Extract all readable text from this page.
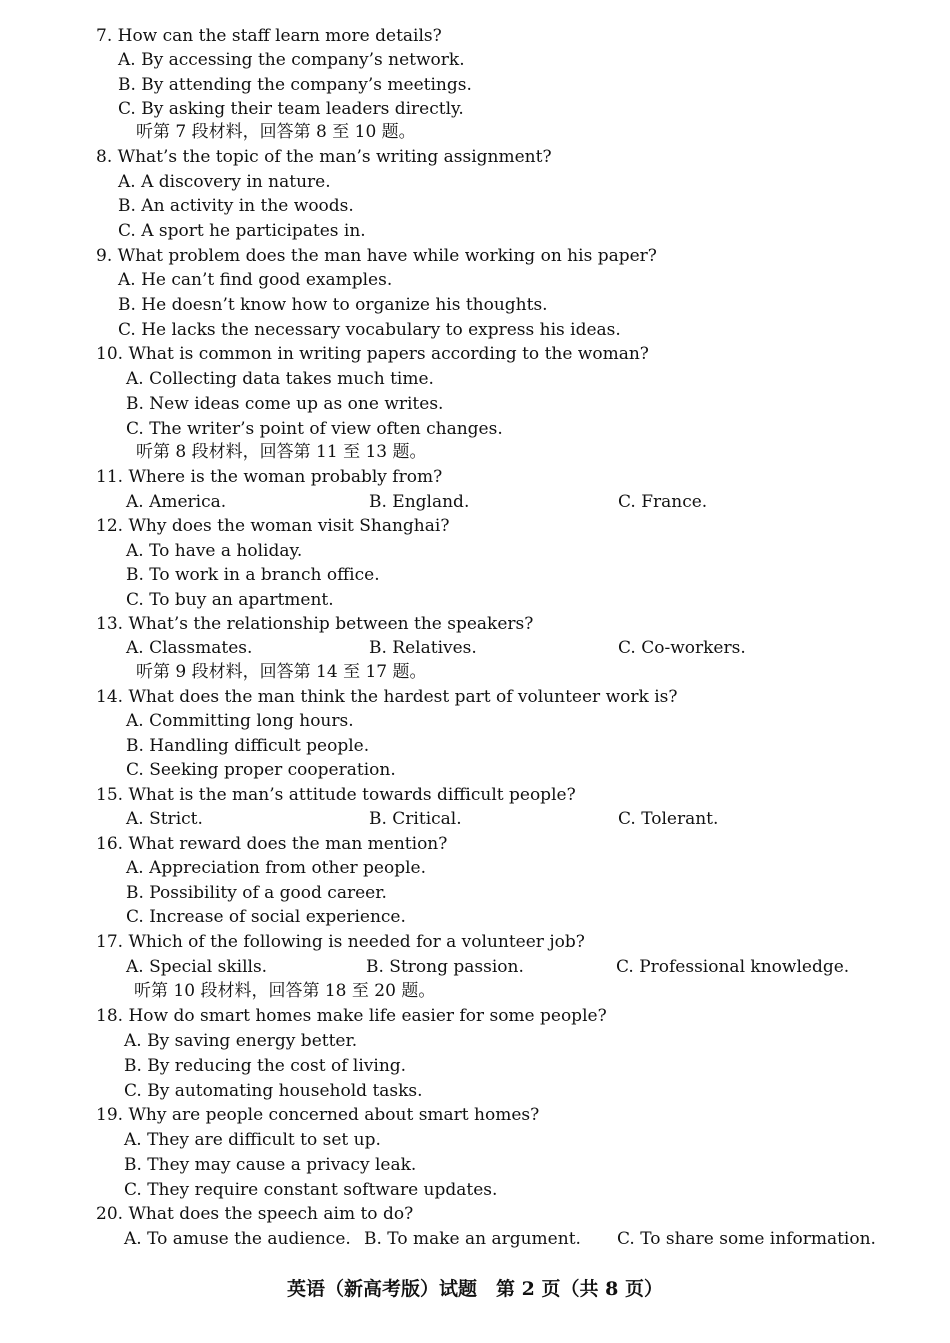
7. How can the staff learn more details?
A. By accessing the company’s network.
B. By attending the company’s meetings.
C. By asking their team leaders directly.
听第 7 段材料，回答第 8 至 10 题。
8. What’s the topic of the man’s writing assignment?
A. A discovery in nature.
B. An activity in the woods.
C. A sport he participates in.
9. What problem does the man have while working on his paper?
A. He can’t find good examples.
B. He doesn’t know how to organize his thoughts.
C. He lacks the necessary vocabulary to express his ideas.
10. What is common in writing papers according to the woman?
A. Collecting data takes much time.
B. New ideas come up as one writes.
C. The writer’s point of view often changes.
听第 8 段材料，回答第 11 至 13 题。
11. Where is the woman probably from?
A. America.	B. England.	C. France.
12. Why does the woman visit Shanghai?
A. To have a holiday.
B. To work in a branch office.
C. To buy an apartment.
13. What’s the relationship between the speakers?
A. Classmates.	B. Relatives.	C. Co-workers.
听第 9 段材料，回答第 14 至 17 题。
14. What does the man think the hardest part of volunteer work is?
A. Committing long hours.
B. Handling difficult people.
C. Seeking proper cooperation.
15. What is the man’s attitude towards difficult people?
A. Strict.	B. Critical.	C. Tolerant.
16. What reward does the man mention?
A. Appreciation from other people.
B. Possibility of a good career.
C. Increase of social experience.
17. Which of the following is needed for a volunteer job?
A. Special skills.	B. Strong passion.	C. Professional knowledge.
听第 10 段材料，回答第 18 至 20 题。
18. How do smart homes make life easier for some people?
A. By saving energy better.
B. By reducing the cost of living.
C. By automating household tasks.
19. Why are people concerned about smart homes?
A. They are difficult to set up.
B. They may cause a privacy leak.
C. They require constant software updates.
20. What does the speech aim to do?
A. To amuse the audience. B. To make an argument. C. To share some information.
英语（新高考版）试题　第 2 页（共 8 页）
